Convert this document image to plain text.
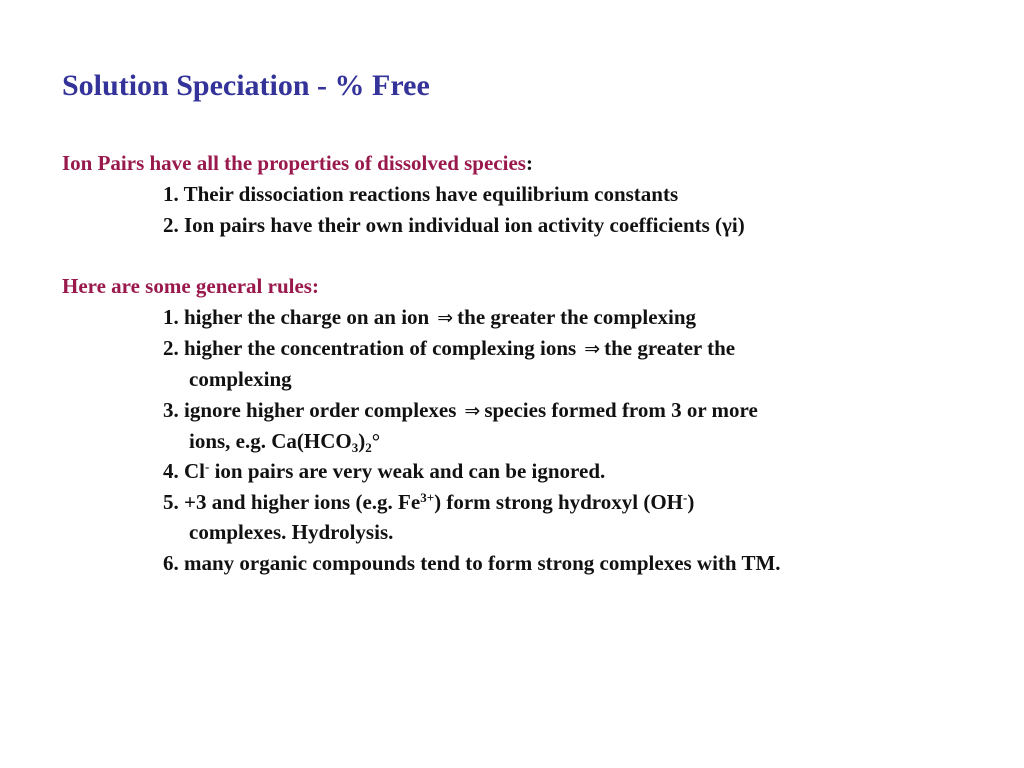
Solution Speciation - % Free
Ion Pairs have all the properties of dissolved species:
1. Their dissociation reactions have equilibrium constants
2. Ion pairs have their own individual ion activity coefficients (γi)
Here are some general rules:
1. higher the charge on an ion ⇒ the greater the complexing
2. higher the concentration of complexing ions ⇒ the greater the
complexing
3. ignore higher order complexes ⇒ species formed from 3 or more
ions, e.g. $Ca(HCO_3)_2^\circ$
4. Cl- ion pairs are very weak and can be ignored.
5. +3 and higher ions (e.g. $Fe^{3+}$) form strong hydroxyl (OH-)
complexes. Hydrolysis.
6. many organic compounds tend to form strong complexes with TM.
